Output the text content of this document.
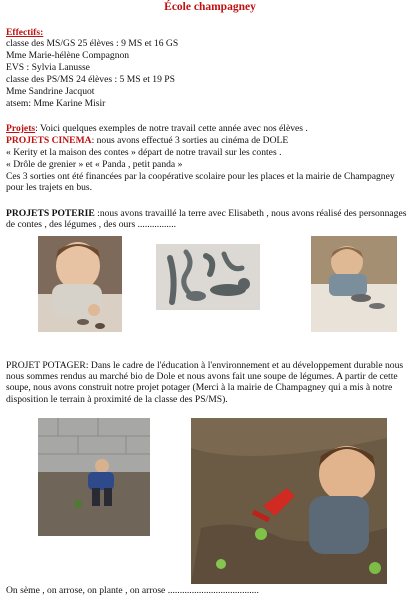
École champagney
Effectifs:
classe des MS/GS 25 élèves : 9 MS et 16 GS
Mme Marie-hélène Compagnon
EVS : Sylvia Lanusse
classe des PS/MS 24 élèves : 5 MS et 19 PS
Mme Sandrine Jacquot
atsem: Mme Karine Misir
Projets: Voici quelques exemples de notre travail cette année avec nos élèves .
PROJETS CINEMA: nous avons effectué 3 sorties au cinéma de DOLE
« Kerity et la maison des contes » départ de notre travail sur les contes .
« Drôle de grenier » et « Panda , petit panda »
Ces 3 sorties ont été financées par la coopérative scolaire pour les places et la mairie de Champagney pour les trajets en bus.
PROJETS POTERIE :nous avons travaillé la terre avec Elisabeth , nous avons réalisé des personnages de contes , des légumes , des ours ................
PROJET POTAGER: Dans le cadre de l'éducation à l'environnement et au développement durable nous nous sommes rendus au marché bio de Dole et nous avons fait une soupe de légumes. A partir de cette soupe, nous avons construit notre projet potager (Merci à la mairie de Champagney qui a mis à notre disposition le terrain à proximité de la classe des PS/MS).
On sème , on arrose, on plante , on arrose ......................................
